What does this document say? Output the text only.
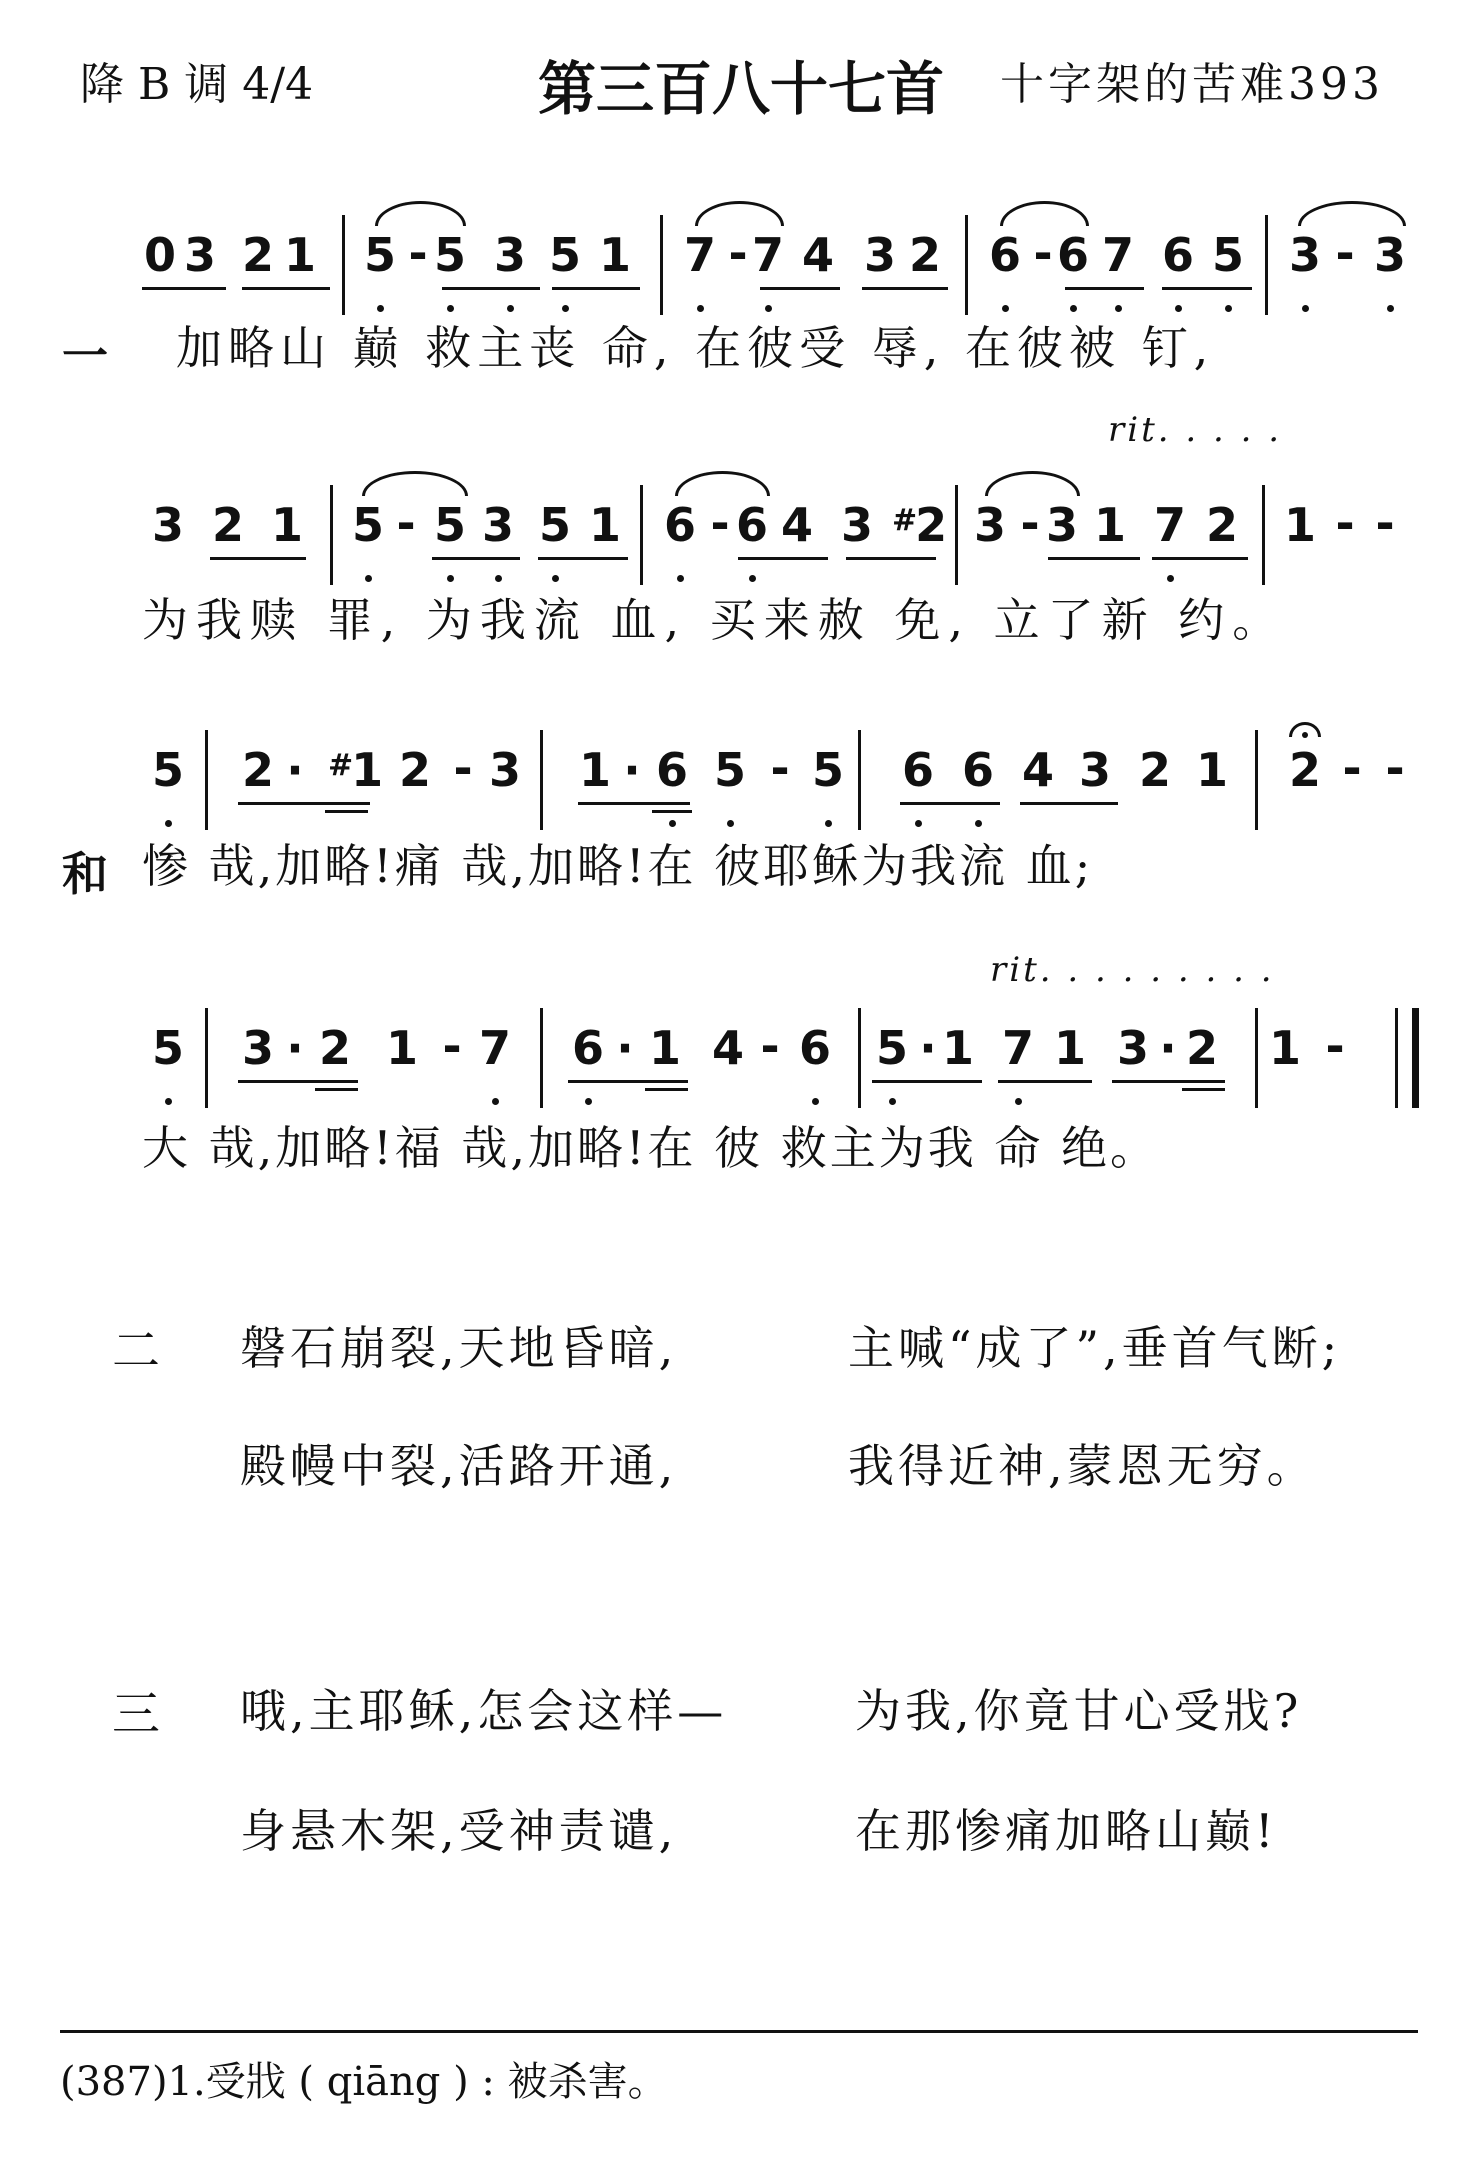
降 B 调 4/4	第三百八十七首 十字架的苦难393
0 3 2 1 5 - 5 3 5 1 7 - 7 4 3 2 6 - 6 7 6 5 3 - 3
3 2 1 5 - 5 3 5 1 6 - 6 4 3 #2 3 - 3 1 7 2 1 - -
5 2 · #1 2 - 3 1 · 6 5 - 5 6 6 4 3 2 1 2 - -
5 3 · 2 1 - 7 6 · 1 4 - 6 5 · 1 7 1 3 · 2 1 -
rit. . . . .
rit. . . . . . . . .
一 加略山 巅 救主丧 命, 在彼受 辱, 在彼被 钉,
为我赎 罪, 为我流 血, 买来赦 免, 立了新 约。
和 惨 哉,加略!痛 哉,加略!在 彼耶稣为我流 血;
大 哉,加略!福 哉,加略!在 彼 救主为我 命 绝。
二 磐石崩裂,天地昏暗,	主喊“成了”,垂首气断;
殿幔中裂,活路开通,	我得近神,蒙恩无穷。
三 哦,主耶稣,怎会这样—	为我,你竟甘心受戕?
身悬木架,受神责谴,	在那惨痛加略山巅!
(387)1.受戕 ( qiāng ) : 被杀害。
